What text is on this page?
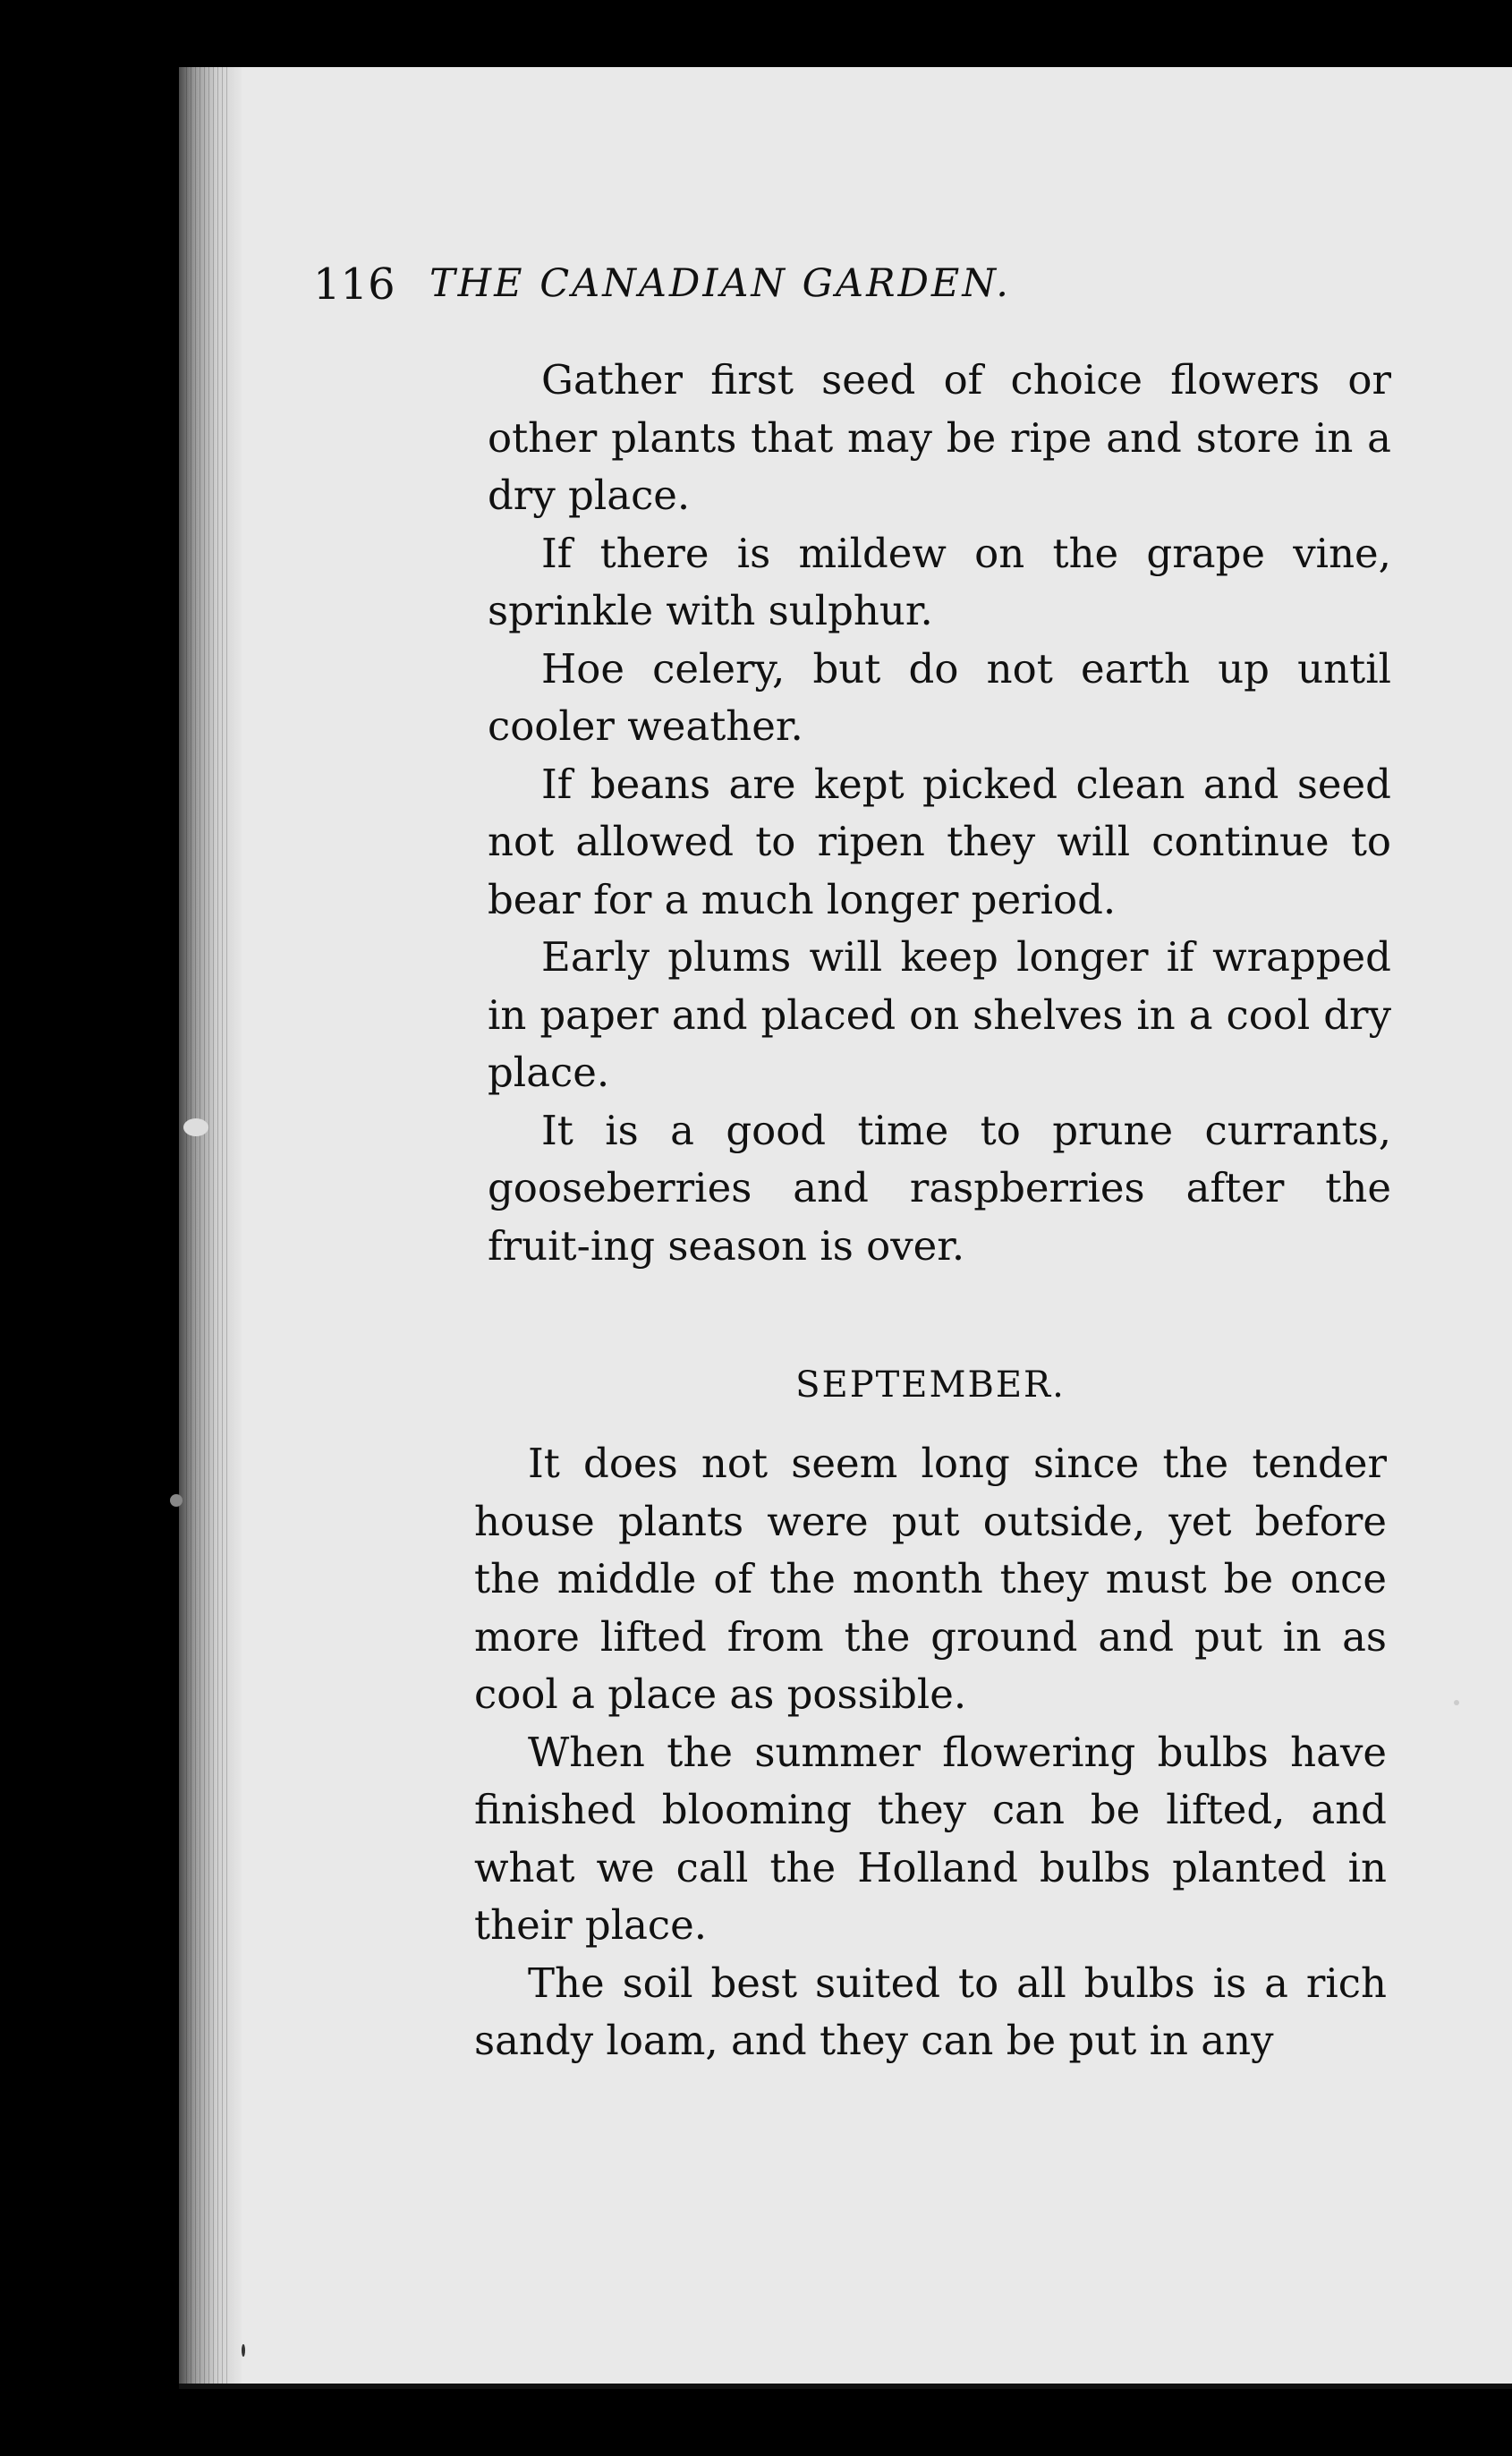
116 THE CANADIAN GARDEN.

Gather first seed of choice flowers or other plants that may be ripe and store in a dry place.

If there is mildew on the grape vine, sprinkle with sulphur.

Hoe celery, but do not earth up until cooler weather.

If beans are kept picked clean and seed not allowed to ripen they will continue to bear for a much longer period.

Early plums will keep longer if wrapped in paper and placed on shelves in a cool dry place.

It is a good time to prune currants, gooseberries and raspberries after the fruit-ing season is over.

SEPTEMBER.

It does not seem long since the tender house plants were put outside, yet before the middle of the month they must be once more lifted from the ground and put in as cool a place as possible.

When the summer flowering bulbs have finished blooming they can be lifted, and what we call the Holland bulbs planted in their place.

The soil best suited to all bulbs is a rich sandy loam, and they can be put in any
